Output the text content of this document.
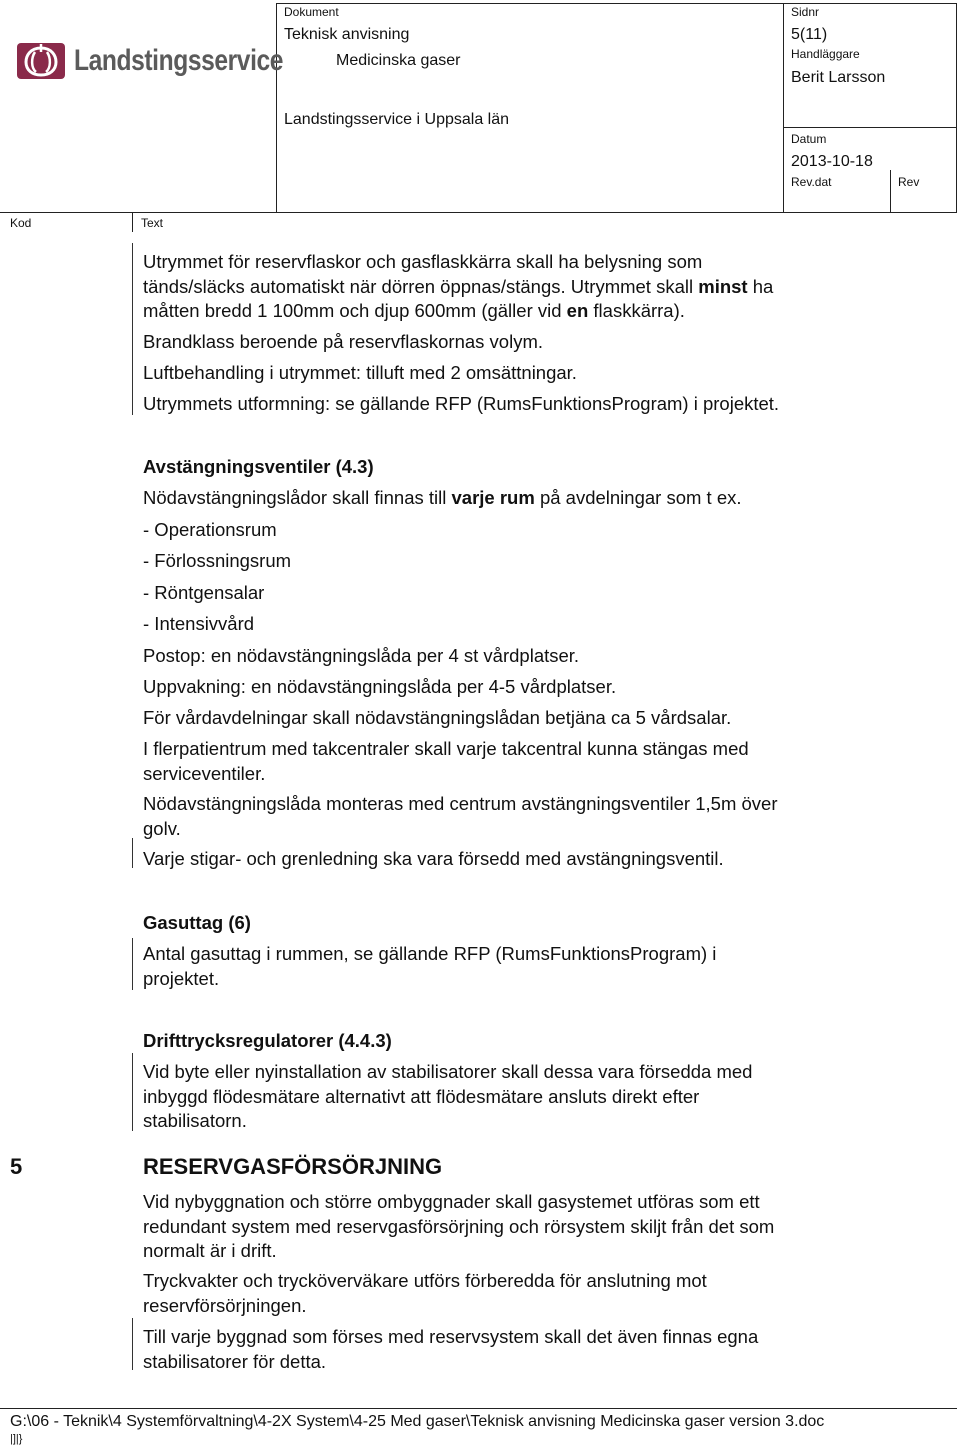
Landstingsservice
Dokument
Teknisk anvisning
Medicinska gaser
Landstingsservice i Uppsala län
Sidnr
5(11)
Handläggare
Berit Larsson
Datum
2013-10-18
Rev.dat	Rev
Kod	Text
Utrymmet för reservflaskor och gasflaskkärra skall ha belysning som
tänds/släcks automatiskt när dörren öppnas/stängs. Utrymmet skall minst ha
måtten bredd 1 100mm och djup 600mm (gäller vid en flaskkärra).
Brandklass beroende på reservflaskornas volym.
Luftbehandling i utrymmet: tilluft med 2 omsättningar.
Utrymmets utformning: se gällande RFP (RumsFunktionsProgram) i projektet.
Avstängningsventiler (4.3)
Nödavstängningslådor skall finnas till varje rum på avdelningar som t ex.
- Operationsrum
- Förlossningsrum
- Röntgensalar
- Intensivvård
Postop: en nödavstängningslåda per 4 st vårdplatser.
Uppvakning: en nödavstängningslåda per 4-5 vårdplatser.
För vårdavdelningar skall nödavstängningslådan betjäna ca 5 vårdsalar.
I flerpatientrum med takcentraler skall varje takcentral kunna stängas med
serviceventiler.
Nödavstängningslåda monteras med centrum avstängningsventiler 1,5m över
golv.
Varje stigar- och grenledning ska vara försedd med avstängningsventil.
Gasuttag (6)
Antal gasuttag i rummen, se gällande RFP (RumsFunktionsProgram) i
projektet.
Drifttrycksregulatorer (4.4.3)
Vid byte eller nyinstallation av stabilisatorer skall dessa vara försedda med
inbyggd flödesmätare alternativt att flödesmätare ansluts direkt efter
stabilisatorn.
5	RESERVGASFÖRSÖRJNING
Vid nybyggnation och större ombyggnader skall gasystemet utföras som ett
redundant system med reservgasförsörjning och rörsystem skiljt från det som
normalt är i drift.
Tryckvakter och trycköverväkare utförs förberedda för anslutning mot
reservförsörjningen.
Till varje byggnad som förses med reservsystem skall det även finnas egna
stabilisatorer för detta.
G:\06 - Teknik\4 Systemförvaltning\4-2X System\4-25 Med gaser\Teknisk anvisning Medicinska gaser version 3.doc
|]|}
